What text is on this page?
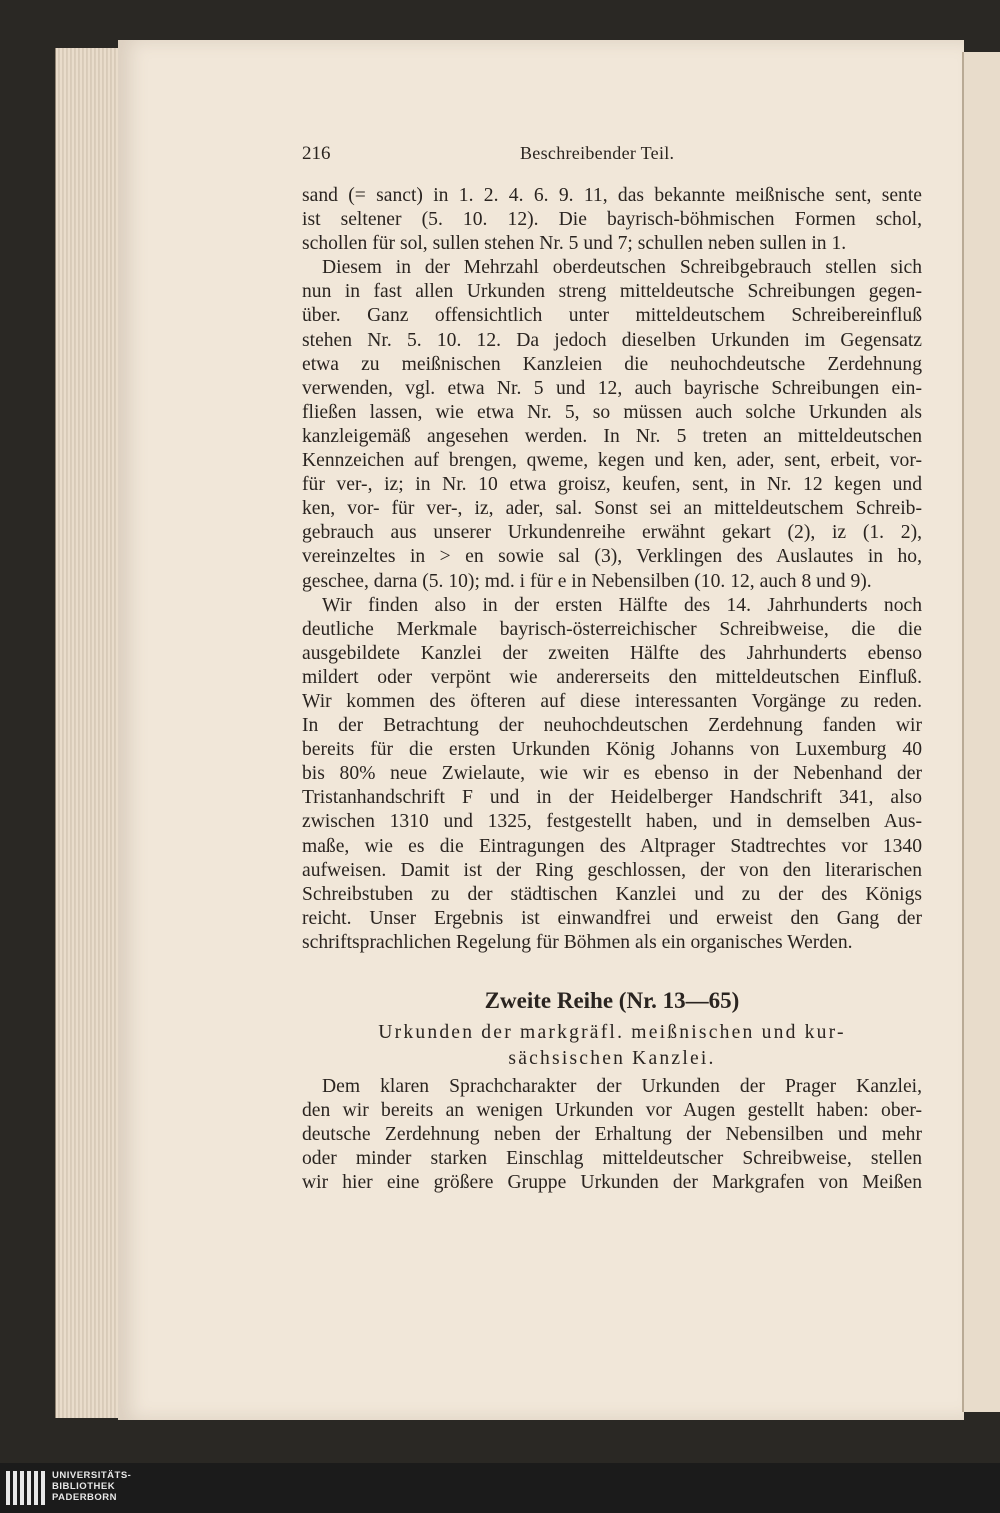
216	Beschreibender Teil.
sand (= sanct) in 1. 2. 4. 6. 9. 11, das bekannte meißnische sent, sente
ist seltener (5. 10. 12). Die bayrisch-böhmischen Formen schol,
schollen für sol, sullen stehen Nr. 5 und 7; schullen neben sullen in 1.
Diesem in der Mehrzahl oberdeutschen Schreibgebrauch stellen sich
nun in fast allen Urkunden streng mitteldeutsche Schreibungen gegen-
über. Ganz offensichtlich unter mitteldeutschem Schreibereinfluß
stehen Nr. 5. 10. 12. Da jedoch dieselben Urkunden im Gegensatz
etwa zu meißnischen Kanzleien die neuhochdeutsche Zerdehnung
verwenden, vgl. etwa Nr. 5 und 12, auch bayrische Schreibungen ein-
fließen lassen, wie etwa Nr. 5, so müssen auch solche Urkunden als
kanzleigemäß angesehen werden. In Nr. 5 treten an mitteldeutschen
Kennzeichen auf brengen, qweme, kegen und ken, ader, sent, erbeit, vor-
für ver-, iz; in Nr. 10 etwa groisz, keufen, sent, in Nr. 12 kegen und
ken, vor- für ver-, iz, ader, sal. Sonst sei an mitteldeutschem Schreib-
gebrauch aus unserer Urkundenreihe erwähnt gekart (2), iz (1. 2),
vereinzeltes in > en sowie sal (3), Verklingen des Auslautes in ho,
geschee, darna (5. 10); md. i für e in Nebensilben (10. 12, auch 8 und 9).
Wir finden also in der ersten Hälfte des 14. Jahrhunderts noch
deutliche Merkmale bayrisch-österreichischer Schreibweise, die die
ausgebildete Kanzlei der zweiten Hälfte des Jahrhunderts ebenso
mildert oder verpönt wie andererseits den mitteldeutschen Einfluß.
Wir kommen des öfteren auf diese interessanten Vorgänge zu reden.
In der Betrachtung der neuhochdeutschen Zerdehnung fanden wir
bereits für die ersten Urkunden König Johanns von Luxemburg 40
bis 80% neue Zwielaute, wie wir es ebenso in der Nebenhand der
Tristanhandschrift F und in der Heidelberger Handschrift 341, also
zwischen 1310 und 1325, festgestellt haben, und in demselben Aus-
maße, wie es die Eintragungen des Altprager Stadtrechtes vor 1340
aufweisen. Damit ist der Ring geschlossen, der von den literarischen
Schreibstuben zu der städtischen Kanzlei und zu der des Königs
reicht. Unser Ergebnis ist einwandfrei und erweist den Gang der
schriftsprachlichen Regelung für Böhmen als ein organisches Werden.
Zweite Reihe (Nr. 13—65)
Urkunden der markgräfl. meißnischen und kur-
sächsischen Kanzlei.
Dem klaren Sprachcharakter der Urkunden der Prager Kanzlei,
den wir bereits an wenigen Urkunden vor Augen gestellt haben: ober-
deutsche Zerdehnung neben der Erhaltung der Nebensilben und mehr
oder minder starken Einschlag mitteldeutscher Schreibweise, stellen
wir hier eine größere Gruppe Urkunden der Markgrafen von Meißen
UNIVERSITÄTS-
BIBLIOTHEK
PADERBORN
